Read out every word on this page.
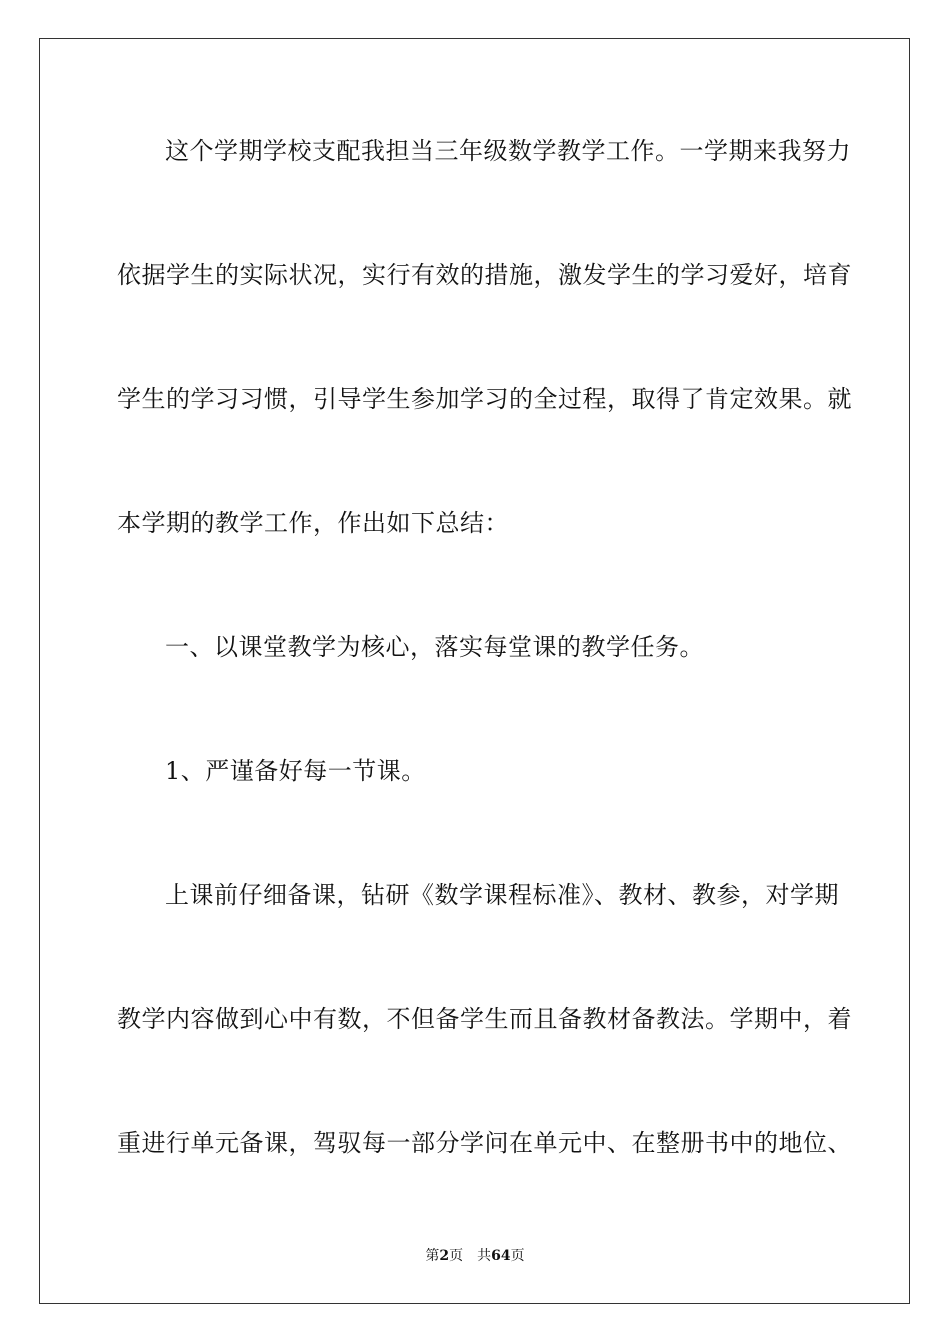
这个学期学校支配我担当三年级数学教学工作。一学期来我努力
依据学生的实际状况，实行有效的措施，激发学生的学习爱好，培育
学生的学习习惯，引导学生参加学习的全过程，取得了肯定效果。就
本学期的教学工作，作出如下总结：
一、以课堂教学为核心，落实每堂课的教学任务。
1、严谨备好每一节课。
上课前仔细备课，钻研《数学课程标准》、教材、教参，对学期
教学内容做到心中有数，不但备学生而且备教材备教法。学期中，着
重进行单元备课，驾驭每一部分学问在单元中、在整册书中的地位、
第2页 共64页
